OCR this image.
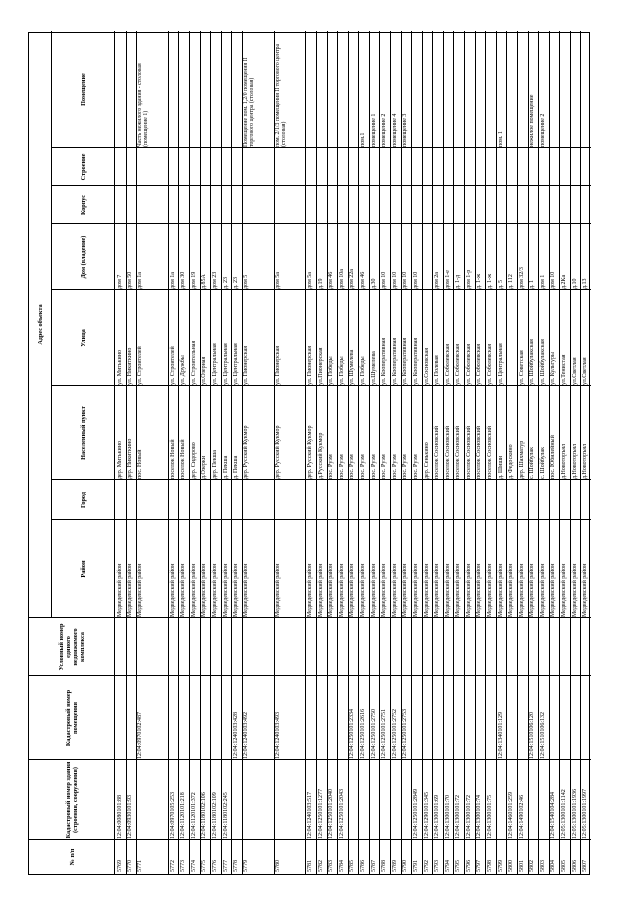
№ п/п
Кадастровый номер здания (строения, сооружения)
Кадастровый номер помещения
Условный номер единого недвижимого комплекса
Адрес объекта
Район
Город
Населенный пункт
Улица
Дом (владение)
Корпус
Строение
Помещение
5769
12:04:0080101:88
Медведевский район
дер. Митькино
ул. Митькино
дом 7
5770
12:04:0930101:93
Медведевский район
дер. Никиткино
ул. Никиткино
дом 50
5771
12:04:0970102:487
Медведевский район
пос. Новый
ул. Строителей
дом 1а
Часть нежилого здания - столовая (помещение 1)
5772
12:04:0970105:253
Медведевский район
поселок Новый
ул. Строителей
дом 1а
5773
12:04:1120101:218
Медведевский район
поселок Новый
ул. Дружбы
дом 30
5774
12:04:1120101:372
Медведевский район
дер. Сидорово
ул. Строительная
дом 19
5775
12:04:1180102:106
Медведевский район
д.Озерки
ул.Озерная
д.85А
5776
12:04:1180102:109
Медведевский район
дер. Пекша
ул. Центральная
дом 23
5777
12:04:1180102:245
Медведевский район
д. Пекша
ул. Центральная
д. 23
5778
12:04:1240103:428
Медведевский район
д. Пекша
ул. Центральная
д. 23
5779
12:04:1240103:492
Медведевский район
дер. Русский Кукмор
ул. Пионерская
дом 5
Помещение пом. 1,2/0 помещения II торгового центра (столовая)
5780
12:04:1240103:493
Медведевский район
дер. Русский Кукмор
ул. Пионерская
дом 5а
пом. 2/1/3 помещения II торгового центра (столовая)
5781
12:04:1240103:517
Медведевский район
дер. Русский Кукмор
ул. Пионерская
дом 5а
5782
12:04:1250101:1277
Медведевский район
д.Русский Кукмор
ул.Пионерская
д.19
5783
12:04:1250101:2040
Медведевский район
пос. Руэм
ул. Победы
дом 46
5784
12:04:1250101:2043
Медведевский район
пос. Руэм
ул. Победы
дом 10а
5785
12:04:1250101:2334
Медведевский район
пос. Руэм
ул. Шумелева
дом 22а
5786
12:04:1250101:2616
Медведевский район
пос. Руэм
ул. Победы
дом 46
пом.1
5787
12:04:1250101:2750
Медведевский район
пос. Руэм
ул.Шумелева
д.30
помещение 1
5788
12:04:1250101:2751
Медведевский район
пос. Руэм
ул. Кооперативная
дом 10
помещение 2
5789
12:04:1250101:2752
Медведевский район
пос. Руэм
ул. Кооперативная
дом 10
помещение 4
5790
12:04:1250101:2753
Медведевский район
пос. Руэм
ул. Кооперативная
дом 10
помещение 3
5791
12:04:1250101:2849
Медведевский район
пос. Руэм
ул. Кооперативная
дом 10
5792
12:04:1290101:345
Медведевский район
дер. Сенькино
ул.Сосновская
5793
12:04:1300101:69
Медведевский район
поселок Сосновский
ул. Полевая
дом 2а
5794
12:04:1300101:70
Медведевский район
поселок Сосновский
ул. Соболевская
дом 1-е
5795
12:04:1300101:72
Медведевский район
поселок Сосновский
ул. Соболевская
д. 1-д
5796
12:04:1300101:72
Медведевский район
поселок Сосновский
ул. Соболевская
дом 1-р
5797
12:04:1300101:74
Медведевский район
поселок Сосновский
ул. Соболевская
д. 1-ж
5798
12:04:1300101:75
Медведевский район
поселок Сосновский
ул. Соболевская
д. 1-ж
5799
12:04:1340101:129
Медведевский район
д. Шиши
ул. Центральная
д. 5
пом. 1
5800
12:04:1460101:259
Медведевский район
д. Федоскино
д. 112
5801
12:04:1490102:46
Медведевский район
дер. Шахматур
ул. Советская
дом 32/3
5802
12:04:1510106:120
Медведевский район
с. Шойбулак
ул. Шойбулакская
д. 1
нежилое помещение
5803
12:04:1510106:132
Медведевский район
с. Шойбулак
ул. Шойбулакская
дом 1
помещение 2
5804
12:04:1540104:284
Медведевский район
пос. Юбилейный
ул. Культуры
дом 10
5805
12:05:1300101:1142
Медведевский район
д.Новоторъял
ул.Тенистая
д.2Ка
5806
12:05:1300101:1936
Медведевский район
д.Новоторъял
ул.Светлая
д.10
5807
12:05:1300101:1997
Медведевский район
д.Новоторъял
ул.Светлая
д.13
